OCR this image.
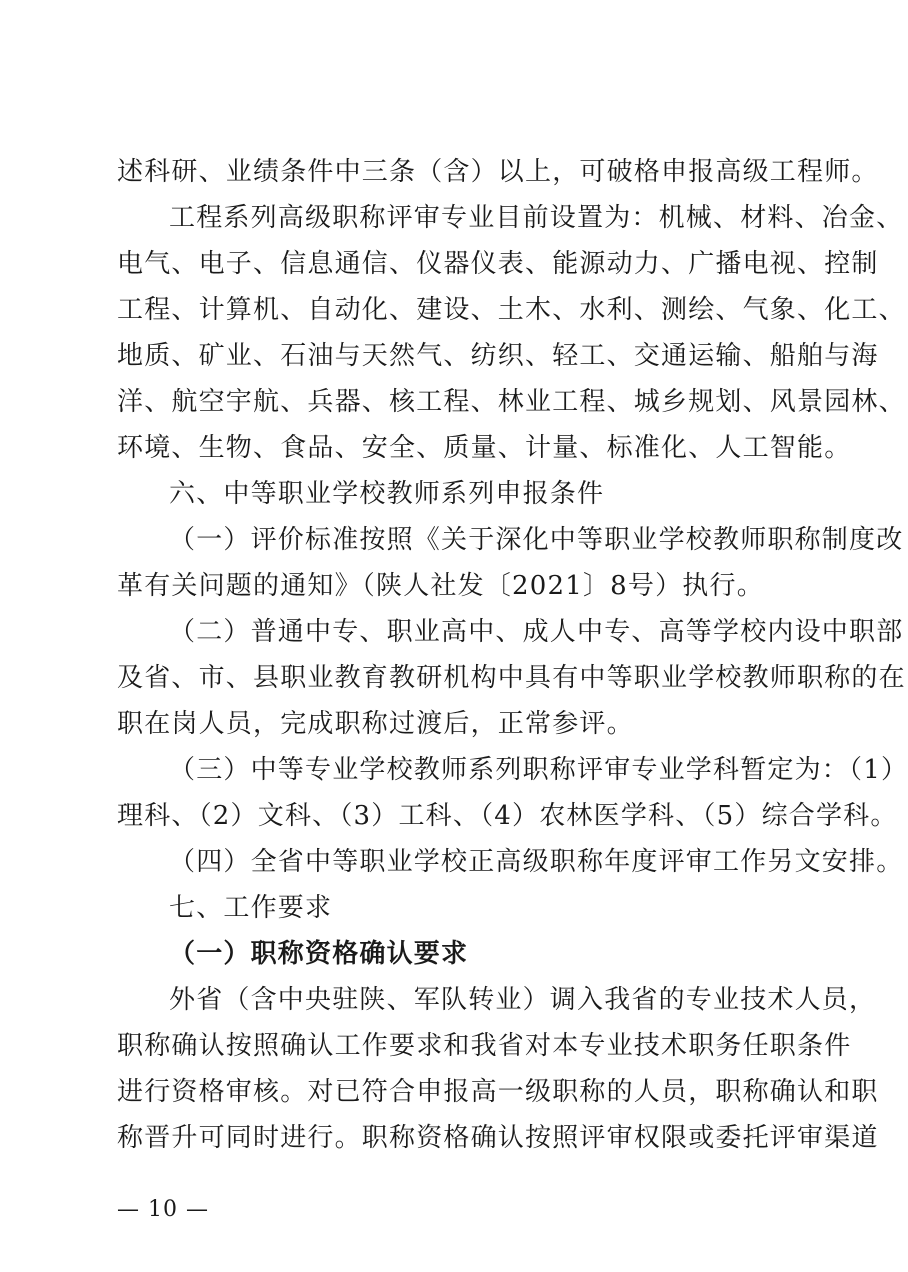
述科研、业绩条件中三条（含）以上，可破格申报高级工程师。
工程系列高级职称评审专业目前设置为：机械、材料、冶金、
电气、电子、信息通信、仪器仪表、能源动力、广播电视、控制
工程、计算机、自动化、建设、土木、水利、测绘、气象、化工、
地质、矿业、石油与天然气、纺织、轻工、交通运输、船舶与海
洋、航空宇航、兵器、核工程、林业工程、城乡规划、风景园林、
环境、生物、食品、安全、质量、计量、标准化、人工智能。
六、中等职业学校教师系列申报条件
（一）评价标准按照《关于深化中等职业学校教师职称制度改
革有关问题的通知》（陕人社发〔2021〕8号）执行。
（二）普通中专、职业高中、成人中专、高等学校内设中职部
及省、市、县职业教育教研机构中具有中等职业学校教师职称的在
职在岗人员，完成职称过渡后，正常参评。
（三）中等专业学校教师系列职称评审专业学科暂定为：（1）
理科、（2）文科、（3）工科、（4）农林医学科、（5）综合学科。
（四）全省中等职业学校正高级职称年度评审工作另文安排。
七、工作要求
（一）职称资格确认要求
外省（含中央驻陕、军队转业）调入我省的专业技术人员，
职称确认按照确认工作要求和我省对本专业技术职务任职条件
进行资格审核。对已符合申报高一级职称的人员，职称确认和职
称晋升可同时进行。职称资格确认按照评审权限或委托评审渠道
— 10 —
